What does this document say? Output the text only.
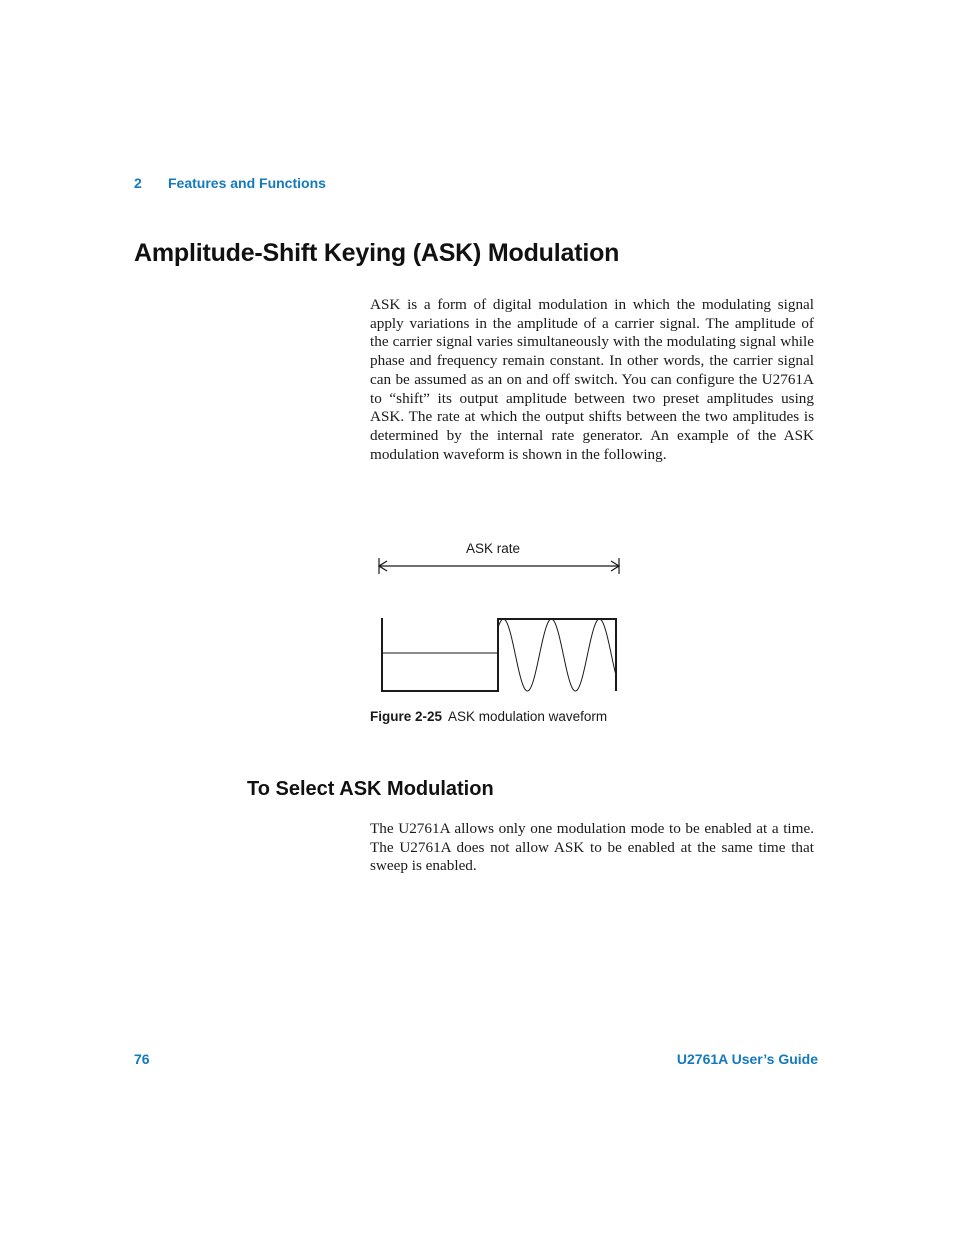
2 Features and Functions
Amplitude-Shift Keying (ASK) Modulation
ASK is a form of digital modulation in which the modulating signal apply variations in the amplitude of a carrier signal. The amplitude of the carrier signal varies simultaneously with the modulating signal while phase and frequency remain constant. In other words, the carrier signal can be assumed as an on and off switch. You can configure the U2761A to “shift” its output amplitude between two preset amplitudes using ASK. The rate at which the output shifts between the two amplitudes is determined by the internal rate generator. An example of the ASK modulation waveform is shown in the following.
ASK rate
Figure 2-25 ASK modulation waveform
To Select ASK Modulation
The U2761A allows only one modulation mode to be enabled at a time. The U2761A does not allow ASK to be enabled at the same time that sweep is enabled.
76	U2761A User’s Guide
